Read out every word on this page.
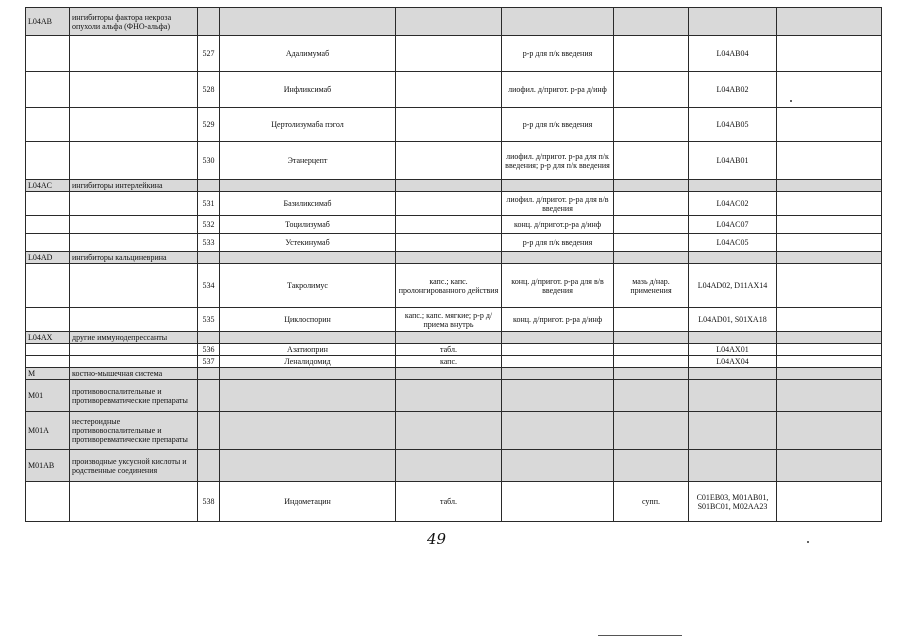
L04AB	ингибиторы фактора некроза опухоли альфа (ФНО-альфа)							
		527	Адалимумаб		р-р для п/к введения		L04AB04	
		528	Инфликсимаб		лиофил. д/пригот. р-ра д/инф		L04AB02	
		529	Цертолизумаба пэгол		р-р для п/к введения		L04AB05	
		530	Этанерцепт		лиофил. д/пригот. р-ра для п/к введения; р-р для п/к введения		L04AB01	
L04AC	ингибиторы интерлейкина							
		531	Базиликсимаб		лиофил. д/пригот. р-ра для в/в введения		L04AC02	
		532	Тоцилизумаб		конц. д/пригот.р-ра д/инф		L04AC07	
		533	Устекинумаб		р-р для п/к введения		L04AC05	
L04AD	ингибиторы кальциневрина							
		534	Такролимус	капс.; капс. пролонгированного действия	конц. д/пригот. р-ра для в/в введения	мазь д/нар. применения	L04AD02, D11AX14	
		535	Циклоспорин	капс.; капс. мягкие; р-р д/приема внутрь	конц. д/пригот. р-ра д/инф		L04AD01, S01XA18	
L04AX	другие иммунодепрессанты							
		536	Азатиоприн	табл.			L04AX01	
		537	Леналидомид	капс.			L04AX04	
M	костно-мышечная система							
M01	противовоспалительные и противоревматические препараты							
M01A	нестероидные противовоспалительные и противоревматические препараты							
M01AB	производные уксусной кислоты и родственные соединения							
		538	Индометацин	табл.		супп.	C01EB03, M01AB01, S01BC01, M02AA23	
49
